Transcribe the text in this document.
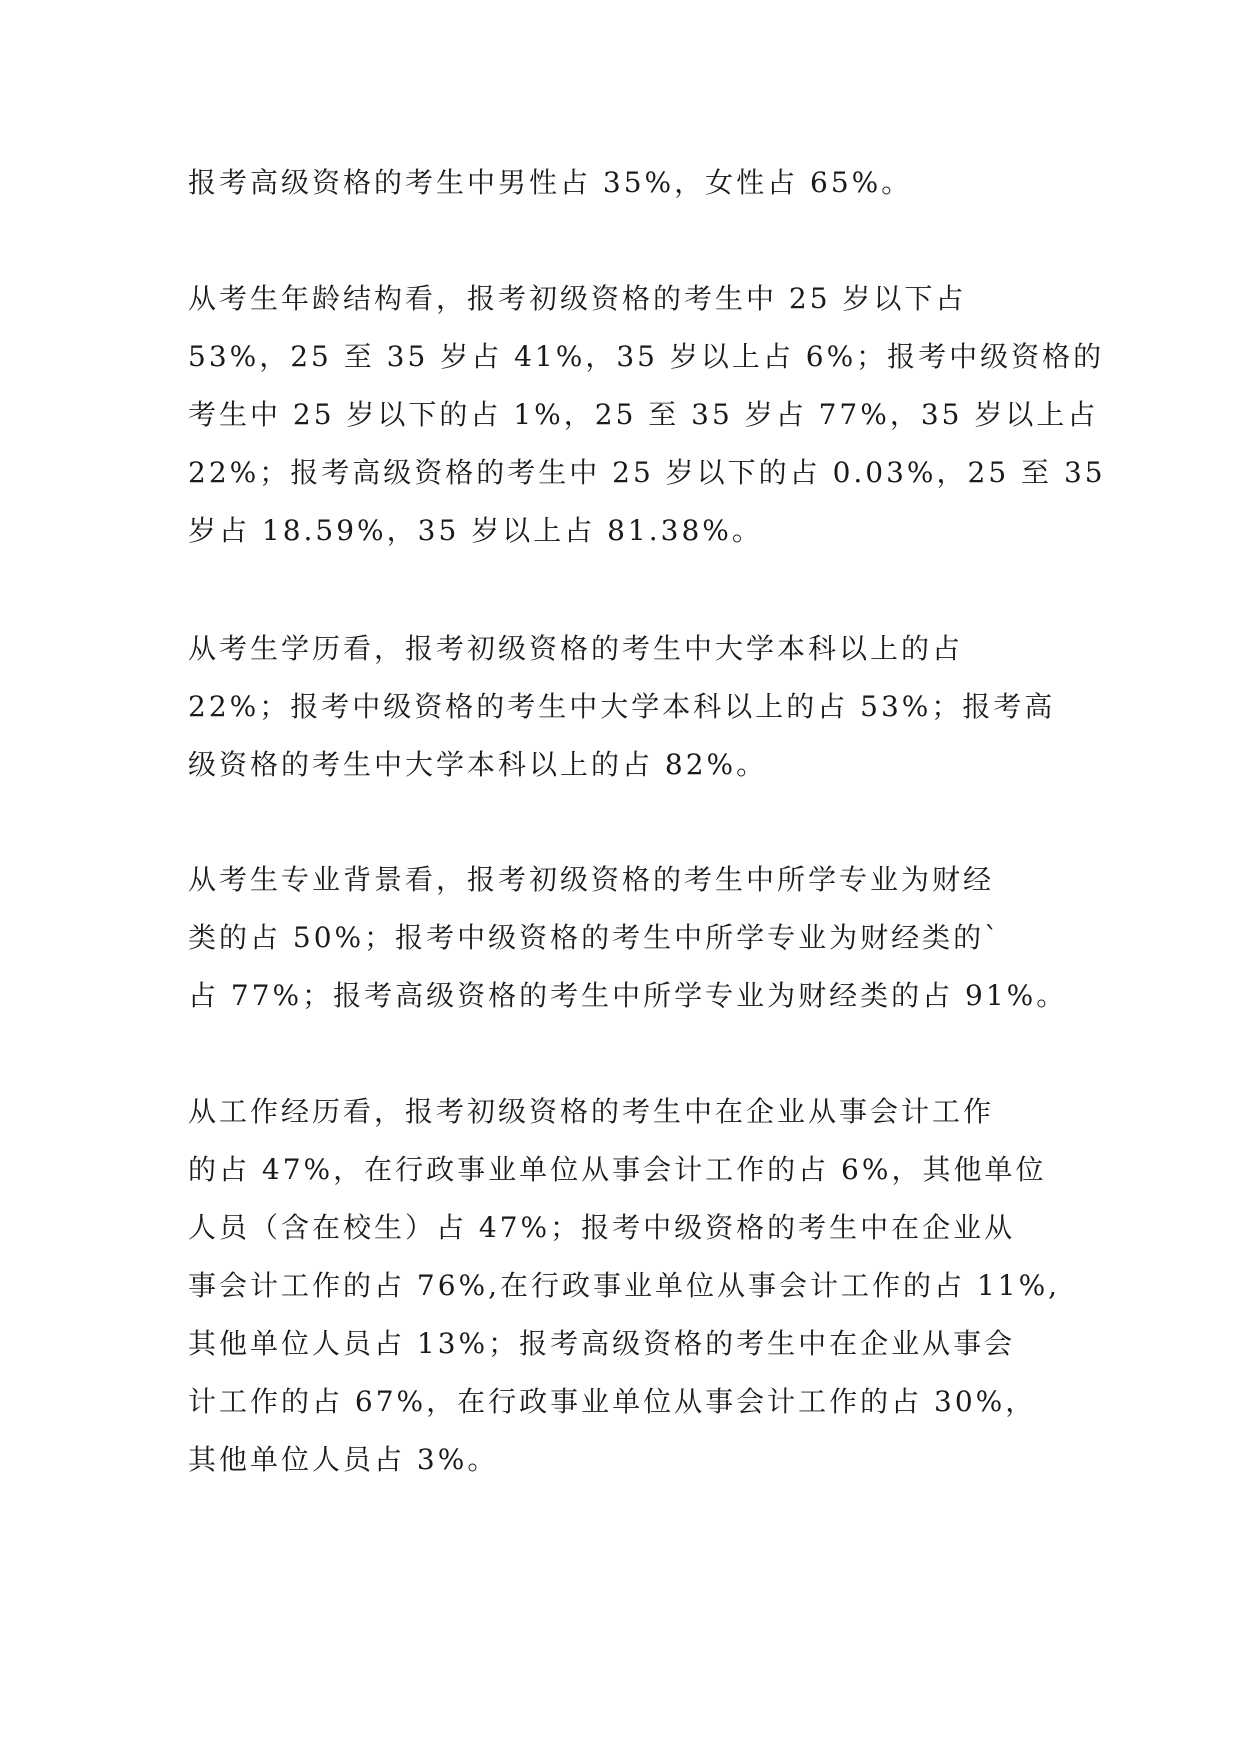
报考高级资格的考生中男性占 35%，女性占 65%。
从考生年龄结构看，报考初级资格的考生中 25 岁以下占
53%，25 至 35 岁占 41%，35 岁以上占 6%；报考中级资格的
考生中 25 岁以下的占 1%，25 至 35 岁占 77%，35 岁以上占
22%；报考高级资格的考生中 25 岁以下的占 0.03%，25 至 35
岁占 18.59%，35 岁以上占 81.38%。
从考生学历看，报考初级资格的考生中大学本科以上的占
22%；报考中级资格的考生中大学本科以上的占 53%；报考高
级资格的考生中大学本科以上的占 82%。
从考生专业背景看，报考初级资格的考生中所学专业为财经
类的占 50%；报考中级资格的考生中所学专业为财经类的`
占 77%；报考高级资格的考生中所学专业为财经类的占 91%。
从工作经历看，报考初级资格的考生中在企业从事会计工作
的占 47%，在行政事业单位从事会计工作的占 6%，其他单位
人员（含在校生）占 47%；报考中级资格的考生中在企业从
事会计工作的占 76%,在行政事业单位从事会计工作的占 11%,
其他单位人员占 13%；报考高级资格的考生中在企业从事会
计工作的占 67%，在行政事业单位从事会计工作的占 30%，
其他单位人员占 3%。
